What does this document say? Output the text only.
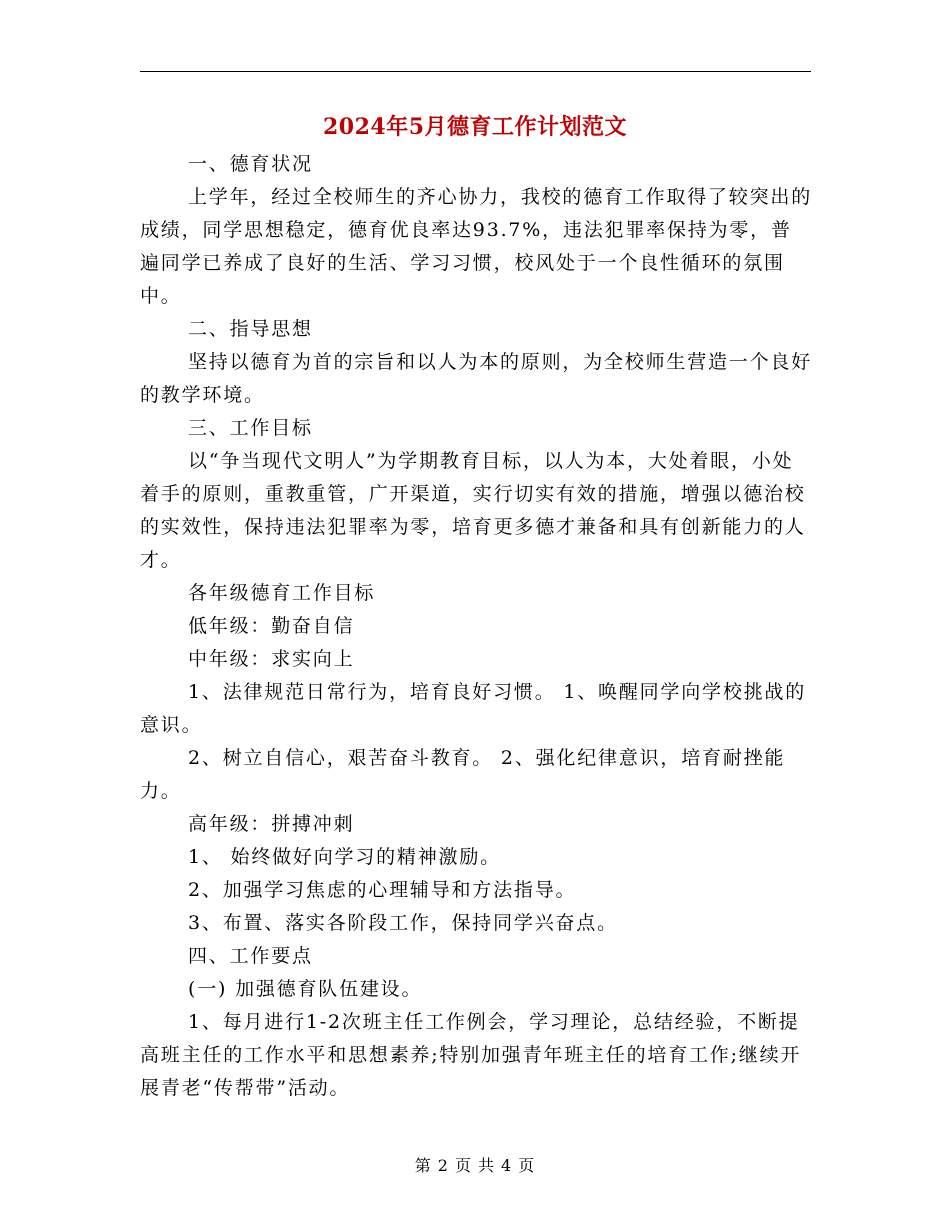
2024年5月德育工作计划范文

一、德育状况

上学年，经过全校师生的齐心协力，我校的德育工作取得了较突出的成绩，同学思想稳定，德育优良率达93.7%，违法犯罪率保持为零，普遍同学已养成了良好的生活、学习习惯，校风处于一个良性循环的氛围中。

二、指导思想

坚持以德育为首的宗旨和以人为本的原则，为全校师生营造一个良好的教学环境。

三、工作目标

以“争当现代文明人”为学期教育目标，以人为本，大处着眼，小处着手的原则，重教重管，广开渠道，实行切实有效的措施，增强以德治校的实效性，保持违法犯罪率为零，培育更多德才兼备和具有创新能力的人才。

各年级德育工作目标

低年级：勤奋自信

中年级：求实向上

1、法律规范日常行为，培育良好习惯。 1、唤醒同学向学校挑战的意识。

2、树立自信心，艰苦奋斗教育。 2、强化纪律意识，培育耐挫能力。

高年级：拼搏冲刺

1、 始终做好向学习的精神激励。

2、加强学习焦虑的心理辅导和方法指导。

3、布置、落实各阶段工作，保持同学兴奋点。

四、工作要点

(一) 加强德育队伍建设。

1、每月进行1-2次班主任工作例会，学习理论，总结经验，不断提高班主任的工作水平和思想素养;特别加强青年班主任的培育工作;继续开展青老“传帮带”活动。

第 2 页 共 4 页
